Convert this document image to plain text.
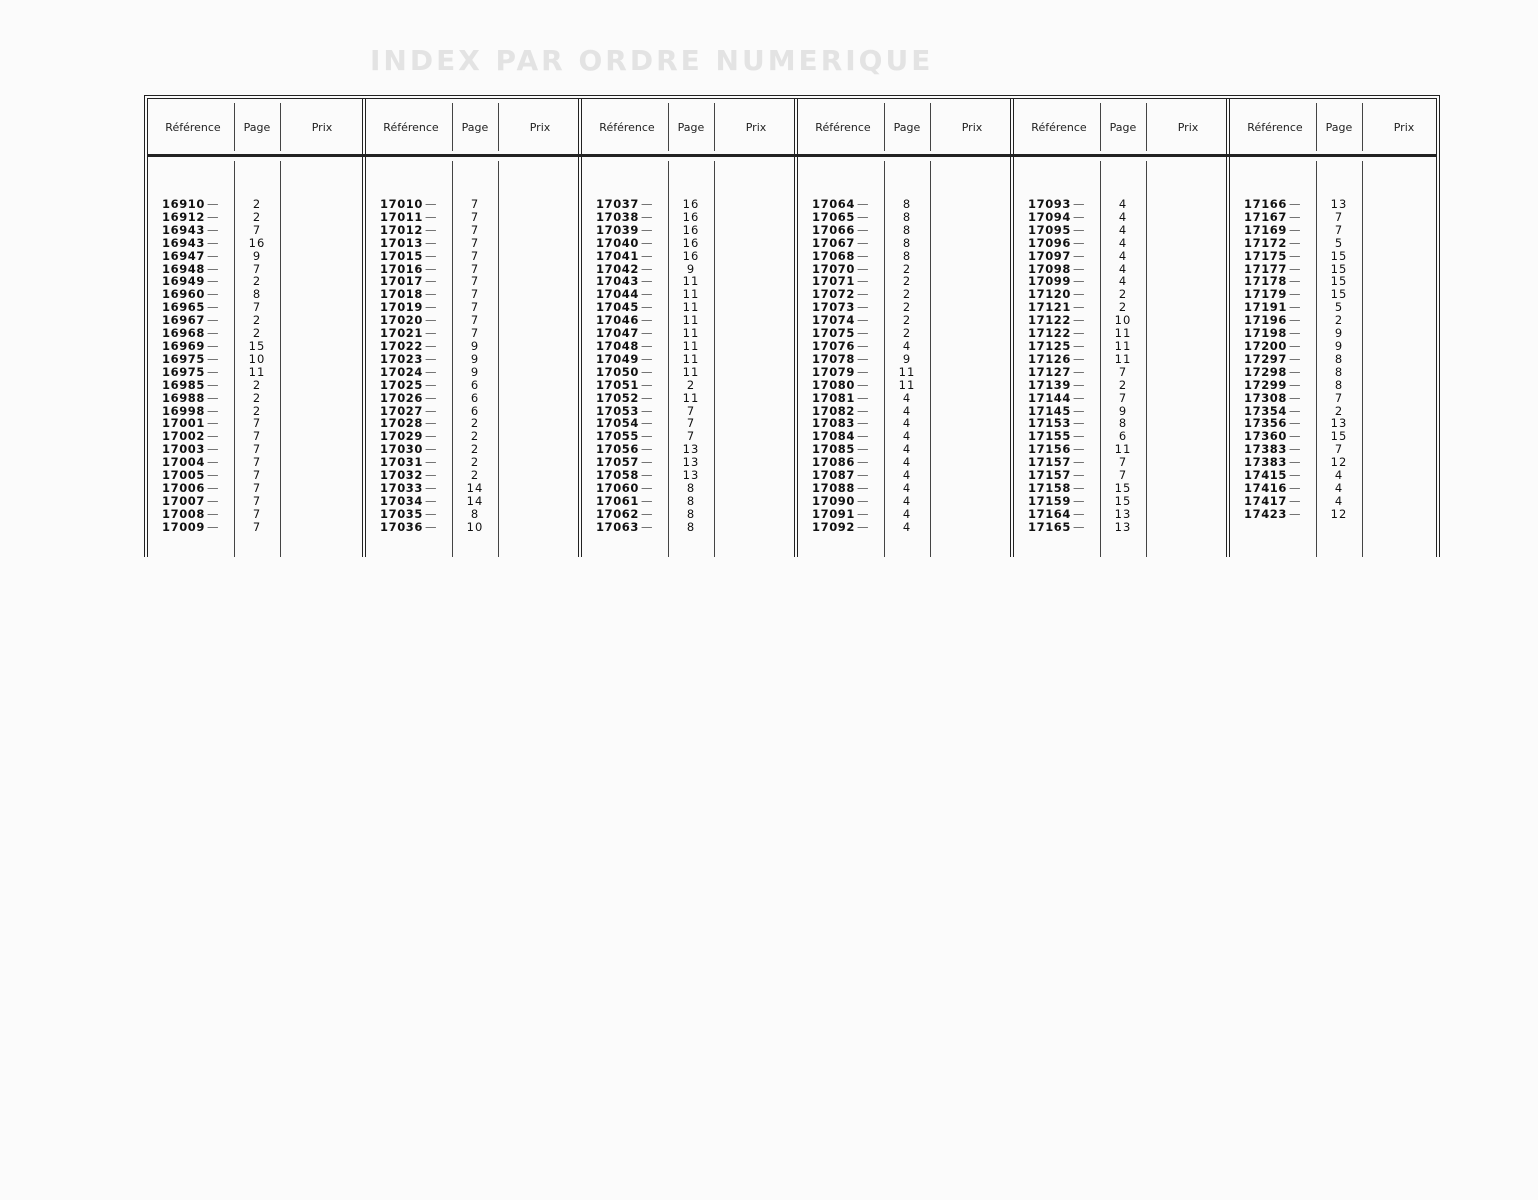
INDEX PAR ORDRE NUMERIQUE
Référence	Page	Prix
16910 —	2
16912 —	2
16943 —	7
16943 —	16
16947 —	9
16948 —	7
16949 —	2
16960 —	8
16965 —	7
16967 —	2
16968 —	2
16969 —	15
16975 —	10
16975 —	11
16985 —	2
16988 —	2
16998 —	2
17001 —	7
17002 —	7
17003 —	7
17004 —	7
17005 —	7
17006 —	7
17007 —	7
17008 —	7
17009 —	7
Référence	Page	Prix
17010 —	7
17011 —	7
17012 —	7
17013 —	7
17015 —	7
17016 —	7
17017 —	7
17018 —	7
17019 —	7
17020 —	7
17021 —	7
17022 —	9
17023 —	9
17024 —	9
17025 —	6
17026 —	6
17027 —	6
17028 —	2
17029 —	2
17030 —	2
17031 —	2
17032 —	2
17033 —	14
17034 —	14
17035 —	8
17036 —	10
Référence	Page	Prix
17037 —	16
17038 —	16
17039 —	16
17040 —	16
17041 —	16
17042 —	9
17043 —	11
17044 —	11
17045 —	11
17046 —	11
17047 —	11
17048 —	11
17049 —	11
17050 —	11
17051 —	2
17052 —	11
17053 —	7
17054 —	7
17055 —	7
17056 —	13
17057 —	13
17058 —	13
17060 —	8
17061 —	8
17062 —	8
17063 —	8
Référence	Page	Prix
17064 —	8
17065 —	8
17066 —	8
17067 —	8
17068 —	8
17070 —	2
17071 —	2
17072 —	2
17073 —	2
17074 —	2
17075 —	2
17076 —	4
17078 —	9
17079 —	11
17080 —	11
17081 —	4
17082 —	4
17083 —	4
17084 —	4
17085 —	4
17086 —	4
17087 —	4
17088 —	4
17090 —	4
17091 —	4
17092 —	4
Référence	Page	Prix
17093 —	4
17094 —	4
17095 —	4
17096 —	4
17097 —	4
17098 —	4
17099 —	4
17120 —	2
17121 —	2
17122 —	10
17122 —	11
17125 —	11
17126 —	11
17127 —	7
17139 —	2
17144 —	7
17145 —	9
17153 —	8
17155 —	6
17156 —	11
17157 —	7
17157 —	7
17158 —	15
17159 —	15
17164 —	13
17165 —	13
Référence	Page	Prix
17166 —	13
17167 —	7
17169 —	7
17172 —	5
17175 —	15
17177 —	15
17178 —	15
17179 —	15
17191 —	5
17196 —	2
17198 —	9
17200 —	9
17297 —	8
17298 —	8
17299 —	8
17308 —	7
17354 —	2
17356 —	13
17360 —	15
17383 —	7
17383 —	12
17415 —	4
17416 —	4
17417 —	4
17423 —	12
